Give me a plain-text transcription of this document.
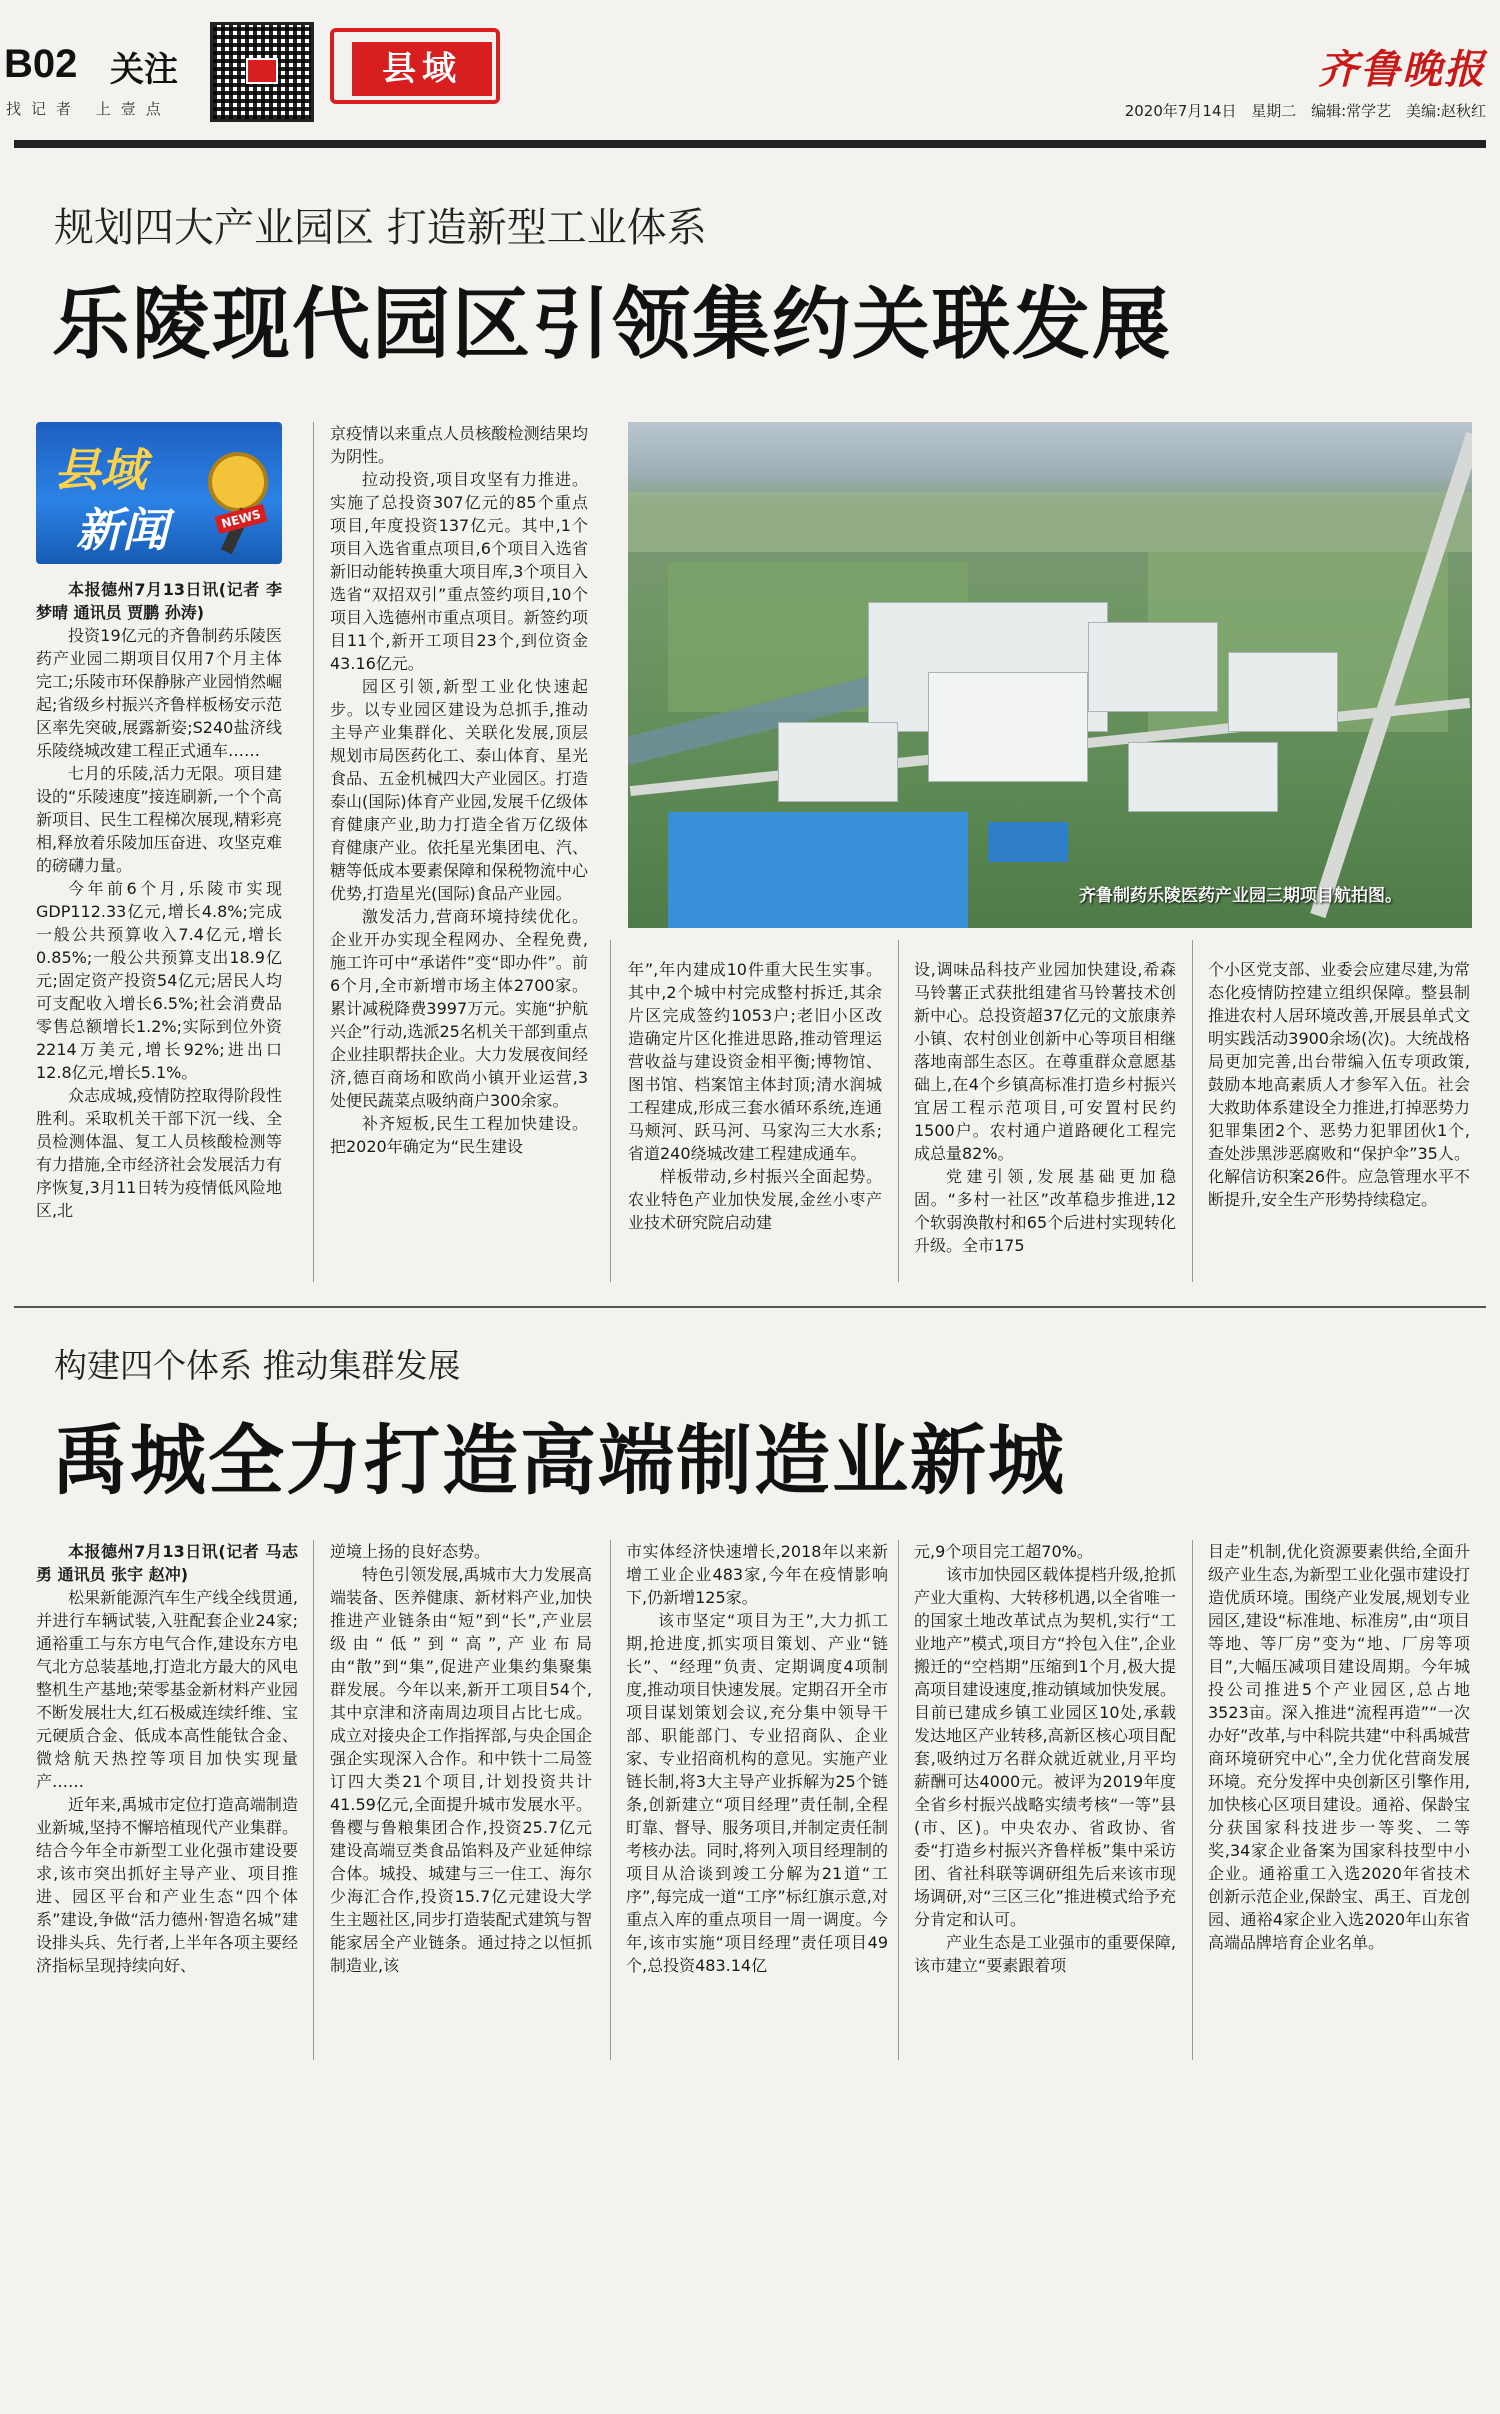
B02 关注
找记者 上壹点
县域	齐鲁晚报
2020年7月14日 星期二 编辑:常学艺 美编:赵秋红
规划四大产业园区 打造新型工业体系
乐陵现代园区引领集约关联发展
县域
新闻	NEWS
齐鲁制药乐陵医药产业园三期项目航拍图。

本报德州7月13日讯(记者 李梦晴 通讯员 贾鹏 孙涛)

投资19亿元的齐鲁制药乐陵医药产业园二期项目仅用7个月主体完工;乐陵市环保静脉产业园悄然崛起;省级乡村振兴齐鲁样板杨安示范区率先突破,展露新姿;S240盐济线乐陵绕城改建工程正式通车……

七月的乐陵,活力无限。项目建设的“乐陵速度”接连刷新,一个个高新项目、民生工程梯次展现,精彩亮相,释放着乐陵加压奋进、攻坚克难的磅礴力量。

今年前6个月,乐陵市实现GDP112.33亿元,增长4.8%;完成一般公共预算收入7.4亿元,增长0.85%;一般公共预算支出18.9亿元;固定资产投资54亿元;居民人均可支配收入增长6.5%;社会消费品零售总额增长1.2%;实际到位外资2214万美元,增长92%;进出口12.8亿元,增长5.1%。

众志成城,疫情防控取得阶段性胜利。采取机关干部下沉一线、全员检测体温、复工人员核酸检测等有力措施,全市经济社会发展活力有序恢复,3月11日转为疫情低风险地区,北

京疫情以来重点人员核酸检测结果均为阴性。

拉动投资,项目攻坚有力推进。实施了总投资307亿元的85个重点项目,年度投资137亿元。其中,1个项目入选省重点项目,6个项目入选省新旧动能转换重大项目库,3个项目入选省“双招双引”重点签约项目,10个项目入选德州市重点项目。新签约项目11个,新开工项目23个,到位资金43.16亿元。

园区引领,新型工业化快速起步。以专业园区建设为总抓手,推动主导产业集群化、关联化发展,顶层规划市局医药化工、泰山体育、星光食品、五金机械四大产业园区。打造泰山(国际)体育产业园,发展千亿级体育健康产业,助力打造全省万亿级体育健康产业。依托星光集团电、汽、糖等低成本要素保障和保税物流中心优势,打造星光(国际)食品产业园。

激发活力,营商环境持续优化。企业开办实现全程网办、全程免费,施工许可中“承诺件”变“即办件”。前6个月,全市新增市场主体2700家。累计减税降费3997万元。实施“护航兴企”行动,选派25名机关干部到重点企业挂职帮扶企业。大力发展夜间经济,德百商场和欧尚小镇开业运营,3处便民蔬菜点吸纳商户300余家。

补齐短板,民生工程加快建设。把2020年确定为“民生建设

年”,年内建成10件重大民生实事。其中,2个城中村完成整村拆迁,其余片区完成签约1053户;老旧小区改造确定片区化推进思路,推动管理运营收益与建设资金相平衡;博物馆、图书馆、档案馆主体封顶;清水润城工程建成,形成三套水循环系统,连通马颊河、跃马河、马家沟三大水系;省道240绕城改建工程建成通车。

样板带动,乡村振兴全面起势。农业特色产业加快发展,金丝小枣产业技术研究院启动建

设,调味品科技产业园加快建设,希森马铃薯正式获批组建省马铃薯技术创新中心。总投资超37亿元的文旅康养小镇、农村创业创新中心等项目相继落地南部生态区。在尊重群众意愿基础上,在4个乡镇高标准打造乡村振兴宜居工程示范项目,可安置村民约1500户。农村通户道路硬化工程完成总量82%。

党建引领,发展基础更加稳固。“多村一社区”改革稳步推进,12个软弱涣散村和65个后进村实现转化升级。全市175

个小区党支部、业委会应建尽建,为常态化疫情防控建立组织保障。整县制推进农村人居环境改善,开展县单式文明实践活动3900余场(次)。大统战格局更加完善,出台带编入伍专项政策,鼓励本地高素质人才参军入伍。社会大救助体系建设全力推进,打掉恶势力犯罪集团2个、恶势力犯罪团伙1个,查处涉黑涉恶腐败和“保护伞”35人。化解信访积案26件。应急管理水平不断提升,安全生产形势持续稳定。

构建四个体系 推动集群发展
禹城全力打造高端制造业新城

本报德州7月13日讯(记者 马志勇 通讯员 张宇 赵冲)

松果新能源汽车生产线全线贯通,并进行车辆试装,入驻配套企业24家;通裕重工与东方电气合作,建设东方电气北方总装基地,打造北方最大的风电整机生产基地;荣零基金新材料产业园不断发展壮大,红石极威连续纤维、宝元硬质合金、低成本高性能钛合金、微焓航天热控等项目加快实现量产……

近年来,禹城市定位打造高端制造业新城,坚持不懈培植现代产业集群。结合今年全市新型工业化强市建设要求,该市突出抓好主导产业、项目推进、园区平台和产业生态“四个体系”建设,争做“活力德州·智造名城”建设排头兵、先行者,上半年各项主要经济指标呈现持续向好、

逆境上扬的良好态势。

特色引领发展,禹城市大力发展高端装备、医养健康、新材料产业,加快推进产业链条由“短”到“长”,产业层级由“低”到“高”,产业布局由“散”到“集”,促进产业集约集聚集群发展。今年以来,新开工项目54个,其中京津和济南周边项目占比七成。成立对接央企工作指挥部,与央企国企强企实现深入合作。和中铁十二局签订四大类21个项目,计划投资共计41.59亿元,全面提升城市发展水平。鲁樱与鲁粮集团合作,投资25.7亿元建设高端豆类食品馅料及产业延伸综合体。城投、城建与三一住工、海尔少海汇合作,投资15.7亿元建设大学生主题社区,同步打造装配式建筑与智能家居全产业链条。通过持之以恒抓制造业,该

市实体经济快速增长,2018年以来新增工业企业483家,今年在疫情影响下,仍新增125家。

该市坚定“项目为王”,大力抓工期,抢进度,抓实项目策划、产业“链长”、“经理”负责、定期调度4项制度,推动项目快速发展。定期召开全市项目谋划策划会议,充分集中领导干部、职能部门、专业招商队、企业家、专业招商机构的意见。实施产业链长制,将3大主导产业拆解为25个链条,创新建立“项目经理”责任制,全程盯靠、督导、服务项目,并制定责任制考核办法。同时,将列入项目经理制的项目从洽谈到竣工分解为21道“工序”,每完成一道“工序”标红旗示意,对重点入库的重点项目一周一调度。今年,该市实施“项目经理”责任项目49个,总投资483.14亿

元,9个项目完工超70%。

该市加快园区载体提档升级,抢抓产业大重构、大转移机遇,以全省唯一的国家土地改革试点为契机,实行“工业地产”模式,项目方“拎包入住”,企业搬迁的“空档期”压缩到1个月,极大提高项目建设速度,推动镇域加快发展。目前已建成乡镇工业园区10处,承载发达地区产业转移,高新区核心项目配套,吸纳过万名群众就近就业,月平均薪酬可达4000元。被评为2019年度全省乡村振兴战略实绩考核“一等”县(市、区)。中央农办、省政协、省委“打造乡村振兴齐鲁样板”集中采访团、省社科联等调研组先后来该市现场调研,对“三区三化”推进模式给予充分肯定和认可。

产业生态是工业强市的重要保障,该市建立“要素跟着项

目走”机制,优化资源要素供给,全面升级产业生态,为新型工业化强市建设打造优质环境。围绕产业发展,规划专业园区,建设“标准地、标准房”,由“项目等地、等厂房”变为“地、厂房等项目”,大幅压减项目建设周期。今年城投公司推进5个产业园区,总占地3523亩。深入推进“流程再造”“一次办好”改革,与中科院共建“中科禹城营商环境研究中心”,全力优化营商发展环境。充分发挥中央创新区引擎作用,加快核心区项目建设。通裕、保龄宝分获国家科技进步一等奖、二等奖,34家企业备案为国家科技型中小企业。通裕重工入选2020年省技术创新示范企业,保龄宝、禹王、百龙创园、通裕4家企业入选2020年山东省高端品牌培育企业名单。
